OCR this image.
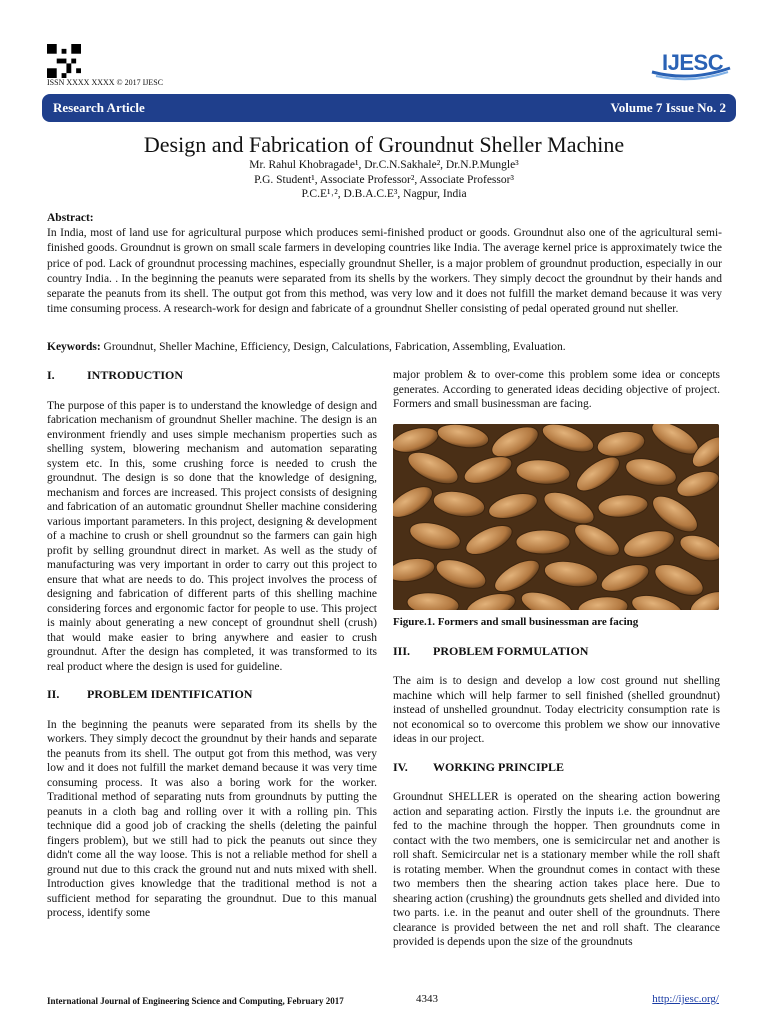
ISSN XXXX XXXX © 2017 IJESC
IJESC
Research Article	Volume 7 Issue No. 2
Design and Fabrication of Groundnut Sheller Machine
Mr. Rahul Khobragade¹, Dr.C.N.Sakhale², Dr.N.P.Mungle³
P.G. Student¹, Associate Professor², Associate Professor³
P.C.E¹˒², D.B.A.C.E³, Nagpur, India
Abstract:

In India, most of land use for agricultural purpose which produces semi-finished product or goods. Groundnut also one of the agricultural semi-finished goods. Groundnut is grown on small scale farmers in developing countries like India. The average kernel price is approximately twice the price of pod. Lack of groundnut processing machines, especially groundnut Sheller, is a major problem of groundnut production, especially in our country India. . In the beginning the peanuts were separated from its shells by the workers. They simply decoct the groundnut by their hands and separate the peanuts from its shell. The output got from this method, was very low and it does not fulfill the market demand because it was very time consuming process. A research-work for design and fabricate of a groundnut Sheller consisting of pedal operated ground nut sheller.

Keywords: Groundnut, Sheller Machine, Efficiency, Design, Calculations, Fabrication, Assembling, Evaluation.
I.	INTRODUCTION

The purpose of this paper is to understand the knowledge of design and fabrication mechanism of groundnut Sheller machine. The design is an environment friendly and uses simple mechanism properties such as shelling system, blowering mechanism and automation separating system etc. In this, some crushing force is needed to crush the groundnut. The design is so done that the knowledge of designing, mechanism and forces are increased. This project consists of designing and fabrication of an automatic groundnut Sheller machine considering various important parameters. In this project, designing & development of a machine to crush or shell groundnut so the farmers can gain high profit by selling groundnut direct in market. As well as the study of manufacturing was very important in order to carry out this project to ensure that what are needs to do. This project involves the process of designing and fabrication of different parts of this shelling machine considering forces and ergonomic factor for people to use. This project is mainly about generating a new concept of groundnut shell (crush) that would make easier to bring anywhere and easier to crush groundnut. After the design has completed, it was transformed to its real product where the design is used for guideline.

II. PROBLEM IDENTIFICATION

In the beginning the peanuts were separated from its shells by the workers. They simply decoct the groundnut by their hands and separate the peanuts from its shell. The output got from this method, was very low and it does not fulfill the market demand because it was very time consuming process. It was also a boring work for the worker. Traditional method of separating nuts from groundnuts by putting the peanuts in a cloth bag and rolling over it with a rolling pin. This technique did a good job of cracking the shells (deleting the painful fingers problem), but we still had to pick the peanuts out since they didn't come all the way loose. This is not a reliable method for shell a ground nut due to this crack the ground nut and nuts mixed with shell. Introduction gives knowledge that the traditional method is not a sufficient method for separating the groundnut. Due to this manual process, identify some

major problem & to over-come this problem some idea or concepts generates. According to generated ideas deciding objective of project. Formers and small businessman are facing.

Figure.1. Formers and small businessman are facing
III. PROBLEM FORMULATION

The aim is to design and develop a low cost ground nut shelling machine which will help farmer to sell finished (shelled groundnut) instead of unshelled groundnut. Today electricity consumption rate is not economical so to overcome this problem we show our innovative ideas in our project.

IV. WORKING PRINCIPLE

Groundnut SHELLER is operated on the shearing action bowering action and separating action. Firstly the inputs i.e. the groundnut are fed to the machine through the hopper. Then groundnuts come in contact with the two members, one is semicircular net and another is roll shaft. Semicircular net is a stationary member while the roll shaft is rotating member. When the groundnut comes in contact with these two members then the shearing action takes place here. Due to shearing action (crushing) the groundnuts gets shelled and divided into two parts. i.e. in the peanut and outer shell of the groundnuts. There clearance is provided between the net and roll shaft. The clearance provided is depends upon the size of the groundnuts

International Journal of Engineering Science and Computing, February 2017	4343	http://ijesc.org/
